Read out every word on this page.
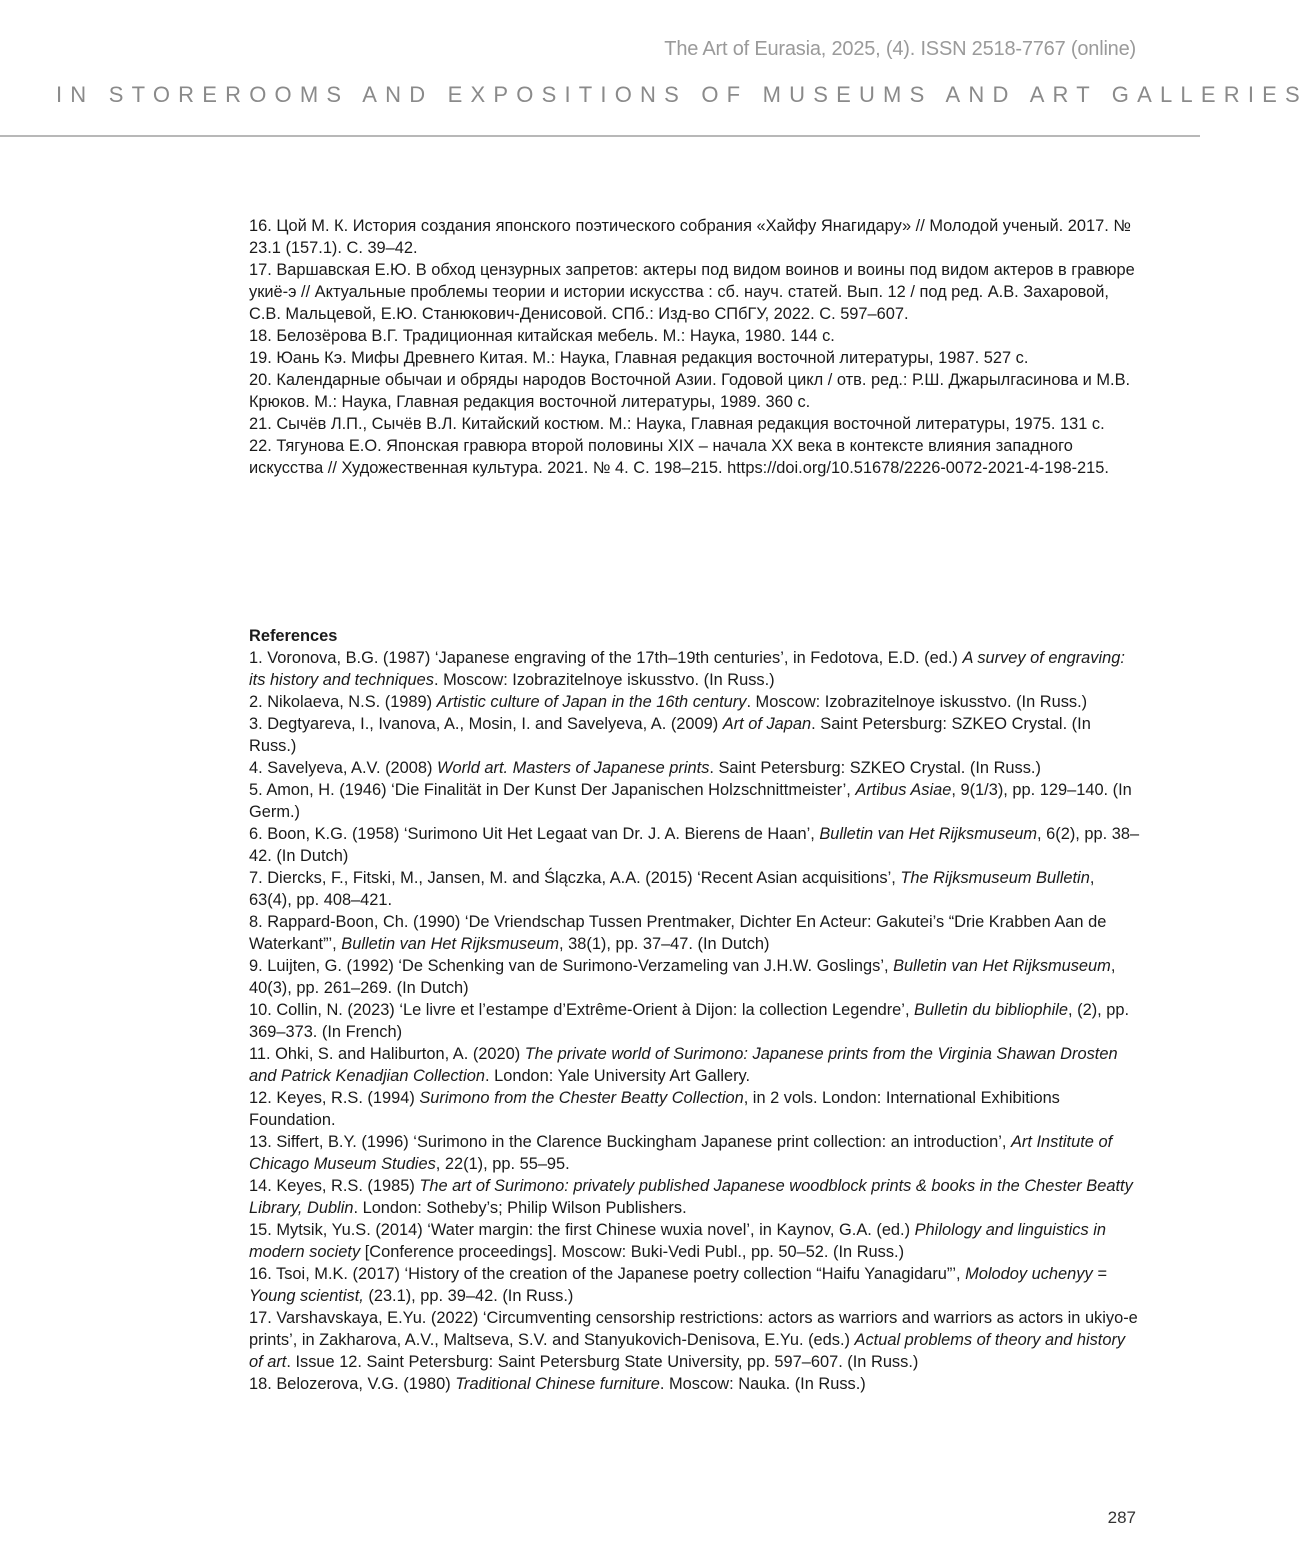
The Art of Eurasia, 2025, (4). ISSN 2518-7767 (online)
IN STOREROOMS AND EXPOSITIONS OF MUSEUMS AND ART GALLERIES
16. Цой М. К. История создания японского поэтического собрания «Хайфу Янагидару» // Молодой ученый. 2017. № 23.1 (157.1). С. 39–42.
17. Варшавская Е.Ю. В обход цензурных запретов: актеры под видом воинов и воины под видом актеров в гравюре укиё-э // Актуальные проблемы теории и истории искусства : сб. науч. статей. Вып. 12 / под ред. А.В. Захаровой, С.В. Мальцевой, Е.Ю. Станюкович-Денисовой. СПб.: Изд-во СПбГУ, 2022. С. 597–607.
18. Белозёрова В.Г. Традиционная китайская мебель. М.: Наука, 1980. 144 с.
19. Юань Кэ. Мифы Древнего Китая. М.: Наука, Главная редакция восточной литературы, 1987. 527 с.
20. Календарные обычаи и обряды народов Восточной Азии. Годовой цикл / отв. ред.: Р.Ш. Джарылгасинова и М.В. Крюков. М.: Наука, Главная редакция восточной литературы, 1989. 360 с.
21. Сычёв Л.П., Сычёв В.Л. Китайский костюм. М.: Наука, Главная редакция восточной литературы, 1975. 131 с.
22. Тягунова Е.О. Японская гравюра второй половины XIX – начала XX века в контексте влияния западного искусства // Художественная культура. 2021. № 4. С. 198–215. https://doi.org/10.51678/2226-0072-2021-4-198-215.
References
1. Voronova, B.G. (1987) ‘Japanese engraving of the 17th–19th centuries’, in Fedotova, E.D. (ed.) A survey of engraving: its history and techniques. Moscow: Izobrazitelnoye iskusstvo. (In Russ.)
2. Nikolaeva, N.S. (1989) Artistic culture of Japan in the 16th century. Moscow: Izobrazitelnoye iskusstvo. (In Russ.)
3. Degtyareva, I., Ivanova, A., Mosin, I. and Savelyeva, A. (2009) Art of Japan. Saint Petersburg: SZKEO Crystal. (In Russ.)
4. Savelyeva, A.V. (2008) World art. Masters of Japanese prints. Saint Petersburg: SZKEO Crystal. (In Russ.)
5. Amon, H. (1946) ‘Die Finalität in Der Kunst Der Japanischen Holzschnittmeister’, Artibus Asiae, 9(1/3), pp. 129–140. (In Germ.)
6. Boon, K.G. (1958) ‘Surimono Uit Het Legaat van Dr. J. A. Bierens de Haan’, Bulletin van Het Rijksmuseum, 6(2), pp. 38–42. (In Dutch)
7. Diercks, F., Fitski, M., Jansen, M. and Ślączka, A.A. (2015) ‘Recent Asian acquisitions’, The Rijksmuseum Bulletin, 63(4), pp. 408–421.
8. Rappard-Boon, Ch. (1990) ‘De Vriendschap Tussen Prentmaker, Dichter En Acteur: Gakutei’s “Drie Krabben Aan de Waterkant”’, Bulletin van Het Rijksmuseum, 38(1), pp. 37–47. (In Dutch)
9. Luijten, G. (1992) ‘De Schenking van de Surimono-Verzameling van J.H.W. Goslings’, Bulletin van Het Rijksmuseum, 40(3), pp. 261–269. (In Dutch)
10. Collin, N. (2023) ‘Le livre et l’estampe d’Extrême-Orient à Dijon: la collection Legendre’, Bulletin du bibliophile, (2), pp. 369–373. (In French)
11. Ohki, S. and Haliburton, A. (2020) The private world of Surimono: Japanese prints from the Virginia Shawan Drosten and Patrick Kenadjian Collection. London: Yale University Art Gallery.
12. Keyes, R.S. (1994) Surimono from the Chester Beatty Collection, in 2 vols. London: International Exhibitions Foundation.
13. Siffert, B.Y. (1996) ‘Surimono in the Clarence Buckingham Japanese print collection: an introduction’, Art Institute of Chicago Museum Studies, 22(1), pp. 55–95.
14. Keyes, R.S. (1985) The art of Surimono: privately published Japanese woodblock prints & books in the Chester Beatty Library, Dublin. London: Sotheby’s; Philip Wilson Publishers.
15. Mytsik, Yu.S. (2014) ‘Water margin: the first Chinese wuxia novel’, in Kaynov, G.A. (ed.) Philology and linguistics in modern society [Conference proceedings]. Moscow: Buki-Vedi Publ., pp. 50–52. (In Russ.)
16. Tsoi, M.K. (2017) ‘History of the creation of the Japanese poetry collection “Haifu Yanagidaru”’, Molodoy uchenyy = Young scientist, (23.1), pp. 39–42. (In Russ.)
17. Varshavskaya, E.Yu. (2022) ‘Circumventing censorship restrictions: actors as warriors and warriors as actors in ukiyo-e prints’, in Zakharova, A.V., Maltseva, S.V. and Stanyukovich-Denisova, E.Yu. (eds.) Actual problems of theory and history of art. Issue 12. Saint Petersburg: Saint Petersburg State University, pp. 597–607. (In Russ.)
18. Belozerova, V.G. (1980) Traditional Chinese furniture. Moscow: Nauka. (In Russ.)
287
